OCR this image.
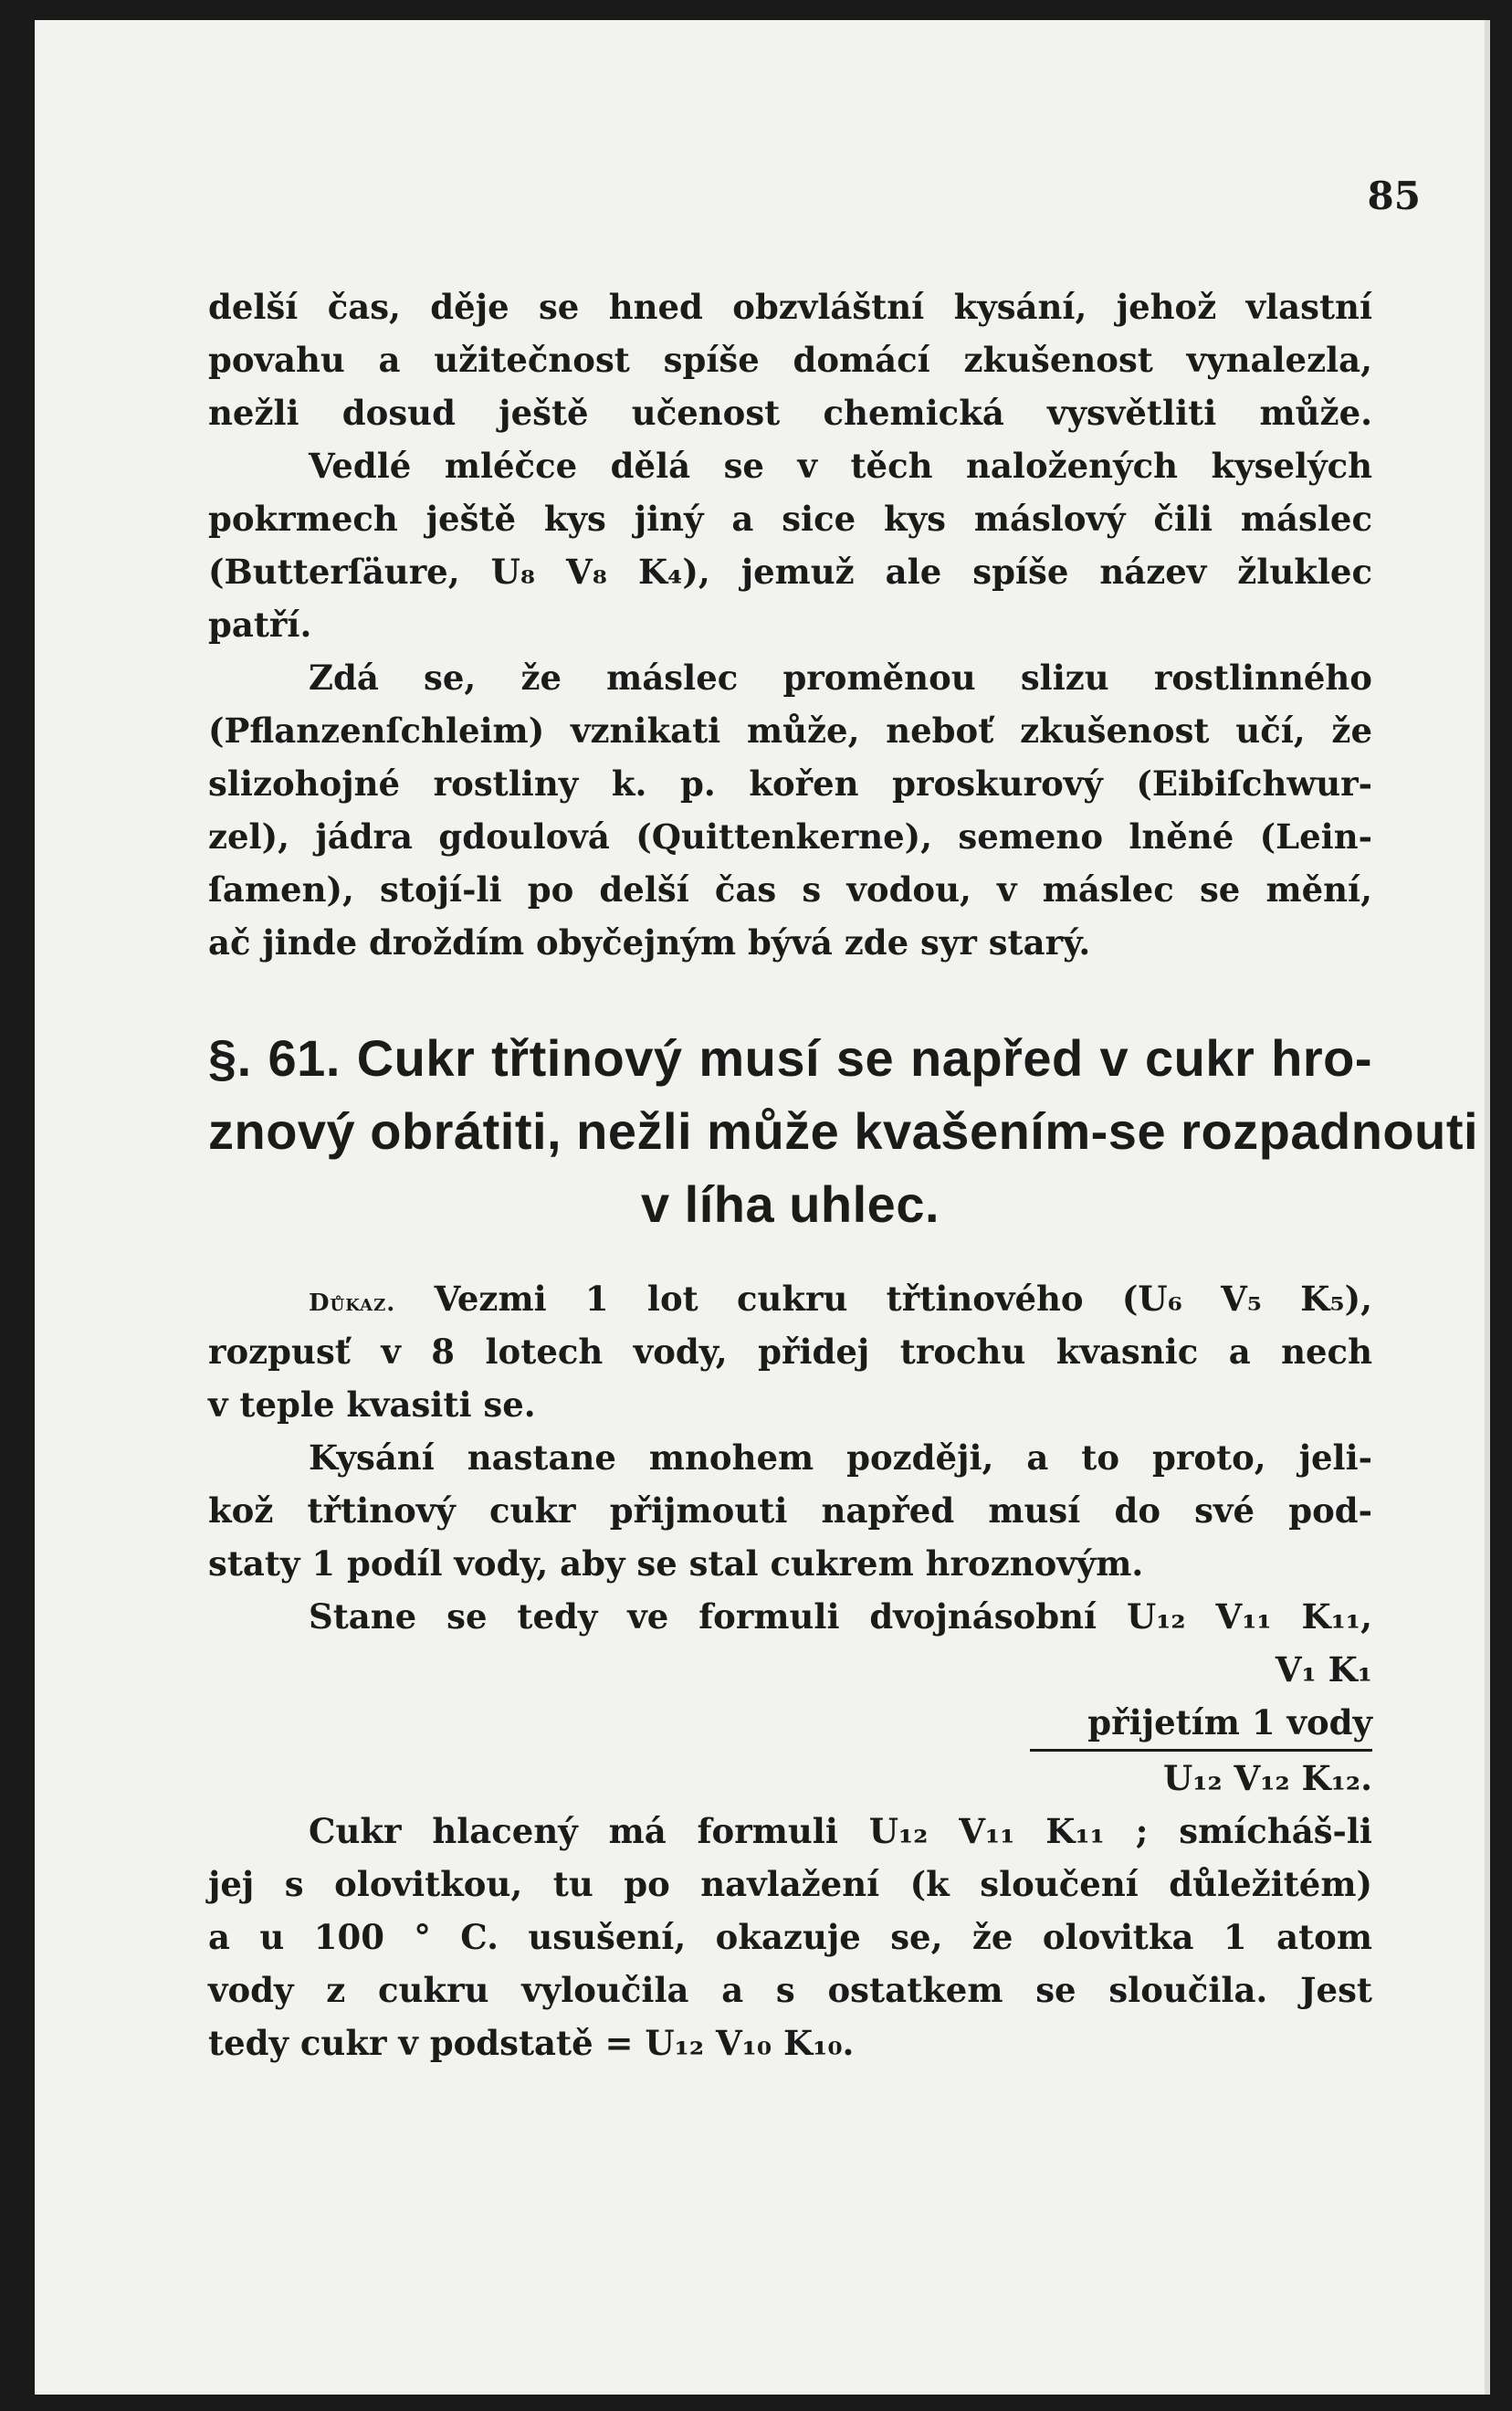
85
delší čas, děje se hned obzvláštní kysání, jehož vlastní
povahu a užitečnost spíše domácí zkušenost vynalezla,
nežli dosud ještě učenost chemická vysvětliti může.
Vedlé mléčce dělá se v těch naložených kyselých
pokrmech ještě kys jiný a sice kys máslový čili máslec
(Butterſäure, U₈ V₈ K₄), jemuž ale spíše název žluklec
patří.
Zdá se, že máslec proměnou slizu rostlinného
(Pflanzenſchleim) vznikati může, neboť zkušenost učí, že
slizohojné rostliny k. p. kořen proskurový (Eibiſchwur-
zel), jádra gdoulová (Quittenkerne), semeno lněné (Lein-
ſamen), stojí-li po delší čas s vodou, v máslec se mění,
ač jinde droždím obyčejným bývá zde syr starý.
§. 61. Cukr třtinový musí se napřed v cukr hro-
znový obrátiti, nežli může kvašením-se rozpadnouti
v líha uhlec.
Důkaz. Vezmi 1 lot cukru třtinového (U₆ V₅ K₅),
rozpusť v 8 lotech vody, přidej trochu kvasnic a nech
v teple kvasiti se.
Kysání nastane mnohem později, a to proto, jeli-
kož třtinový cukr přijmouti napřed musí do své pod-
staty 1 podíl vody, aby se stal cukrem hroznovým.
Stane se tedy ve formuli dvojnásobní U₁₂ V₁₁ K₁₁,
V₁ K₁
přijetím 1 vody
U₁₂ V₁₂ K₁₂.
Cukr hlacený má formuli U₁₂ V₁₁ K₁₁ ; smícháš-li
jej s olovitkou, tu po navlažení (k sloučení důležitém)
a u 100 ° C. usušení, okazuje se, že olovitka 1 atom
vody z cukru vyloučila a s ostatkem se sloučila. Jest
tedy cukr v podstatě = U₁₂ V₁₀ K₁₀.
